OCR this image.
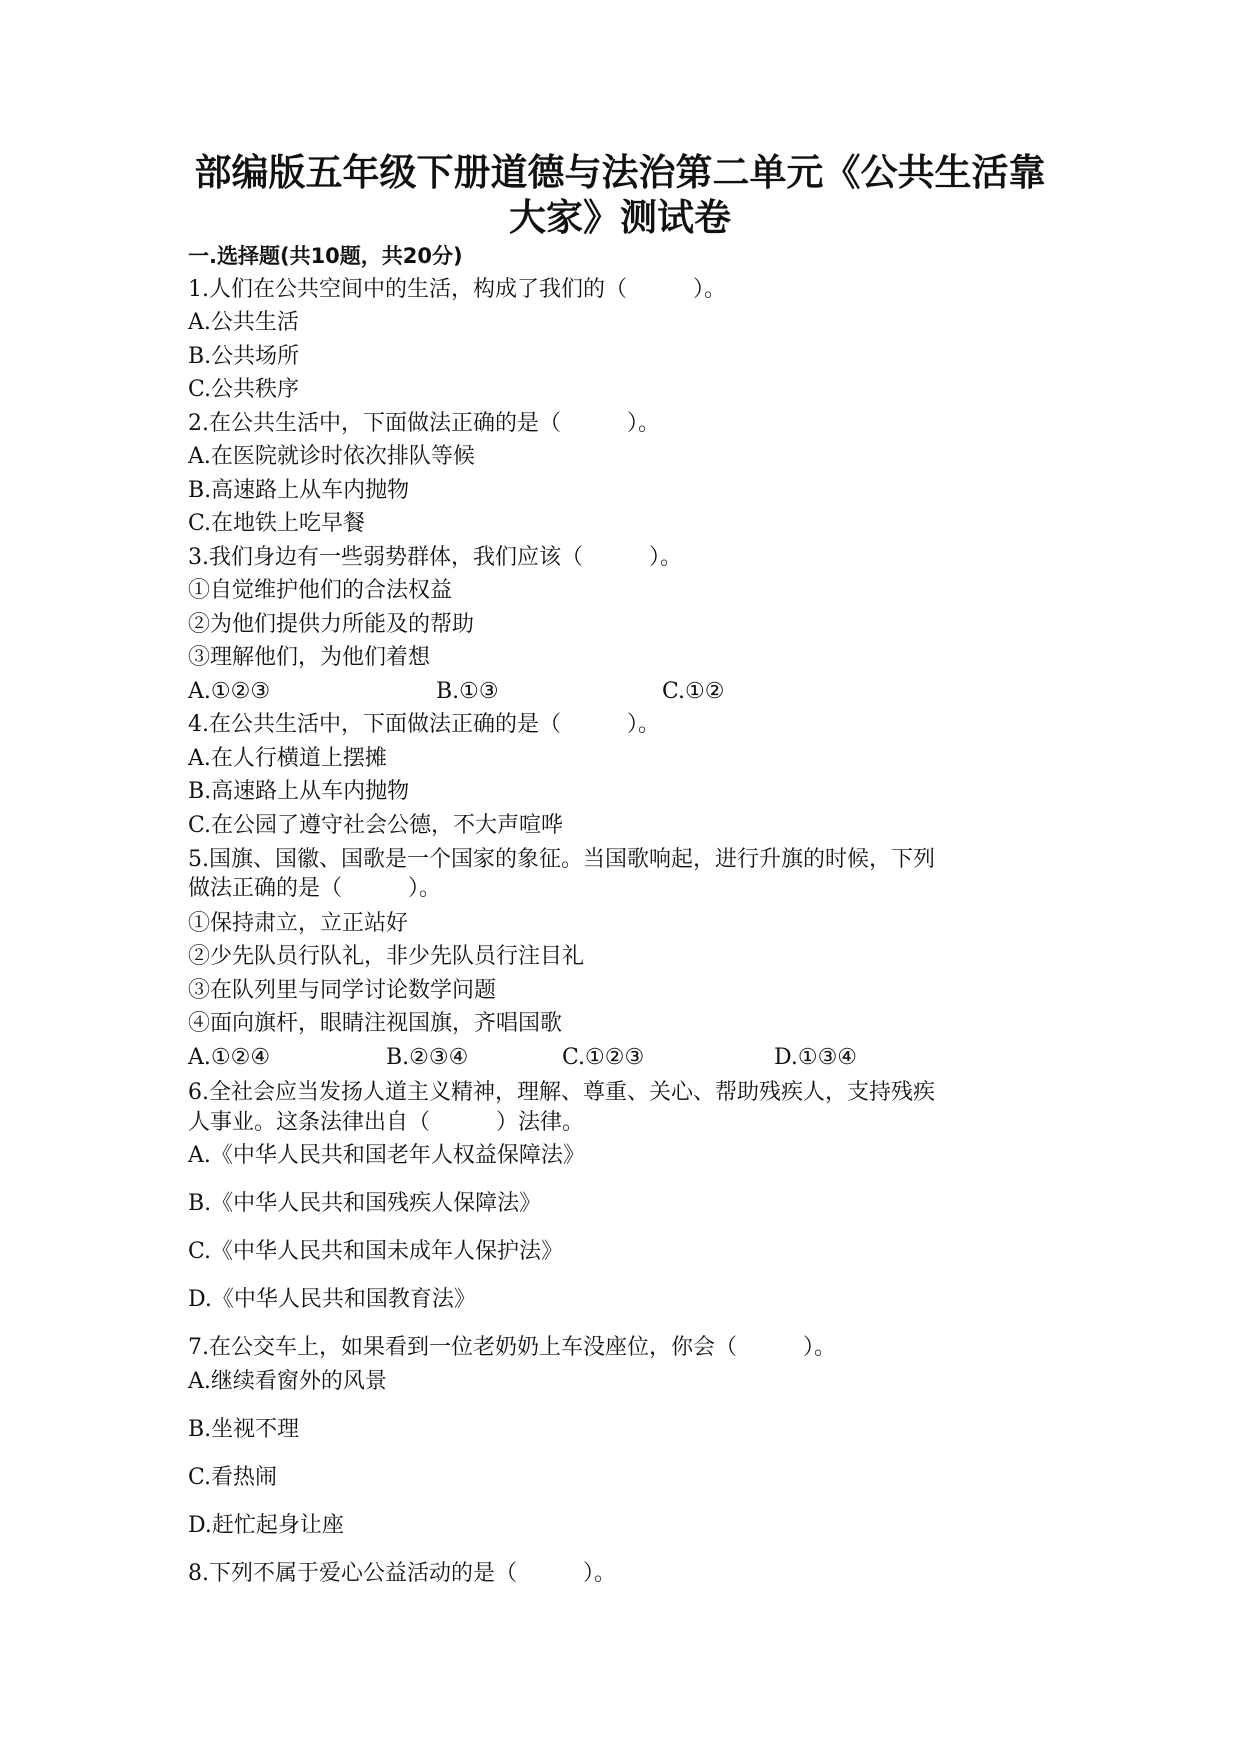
部编版五年级下册道德与法治第二单元《公共生活靠
大家》测试卷
一.选择题(共10题，共20分)
1.人们在公共空间中的生活，构成了我们的（　　　）。
A.公共生活
B.公共场所
C.公共秩序
2.在公共生活中，下面做法正确的是（　　　）。
A.在医院就诊时依次排队等候
B.高速路上从车内抛物
C.在地铁上吃早餐
3.我们身边有一些弱势群体，我们应该（　　　）。
①自觉维护他们的合法权益
②为他们提供力所能及的帮助
③理解他们，为他们着想
A.①②③	B.①③	C.①②
4.在公共生活中，下面做法正确的是（　　　）。
A.在人行横道上摆摊
B.高速路上从车内抛物
C.在公园了遵守社会公德，不大声喧哗
5.国旗、国徽、国歌是一个国家的象征。当国歌响起，进行升旗的时候，下列
做法正确的是（　　　）。
①保持肃立，立正站好
②少先队员行队礼，非少先队员行注目礼
③在队列里与同学讨论数学问题
④面向旗杆，眼睛注视国旗，齐唱国歌
A.①②④	B.②③④	C.①②③	D.①③④
6.全社会应当发扬人道主义精神，理解、尊重、关心、帮助残疾人，支持残疾
人事业。这条法律出自（　　　）法律。
A.《中华人民共和国老年人权益保障法》
B.《中华人民共和国残疾人保障法》
C.《中华人民共和国未成年人保护法》
D.《中华人民共和国教育法》
7.在公交车上，如果看到一位老奶奶上车没座位，你会（　　　）。
A.继续看窗外的风景
B.坐视不理
C.看热闹
D.赶忙起身让座
8.下列不属于爱心公益活动的是（　　　）。
